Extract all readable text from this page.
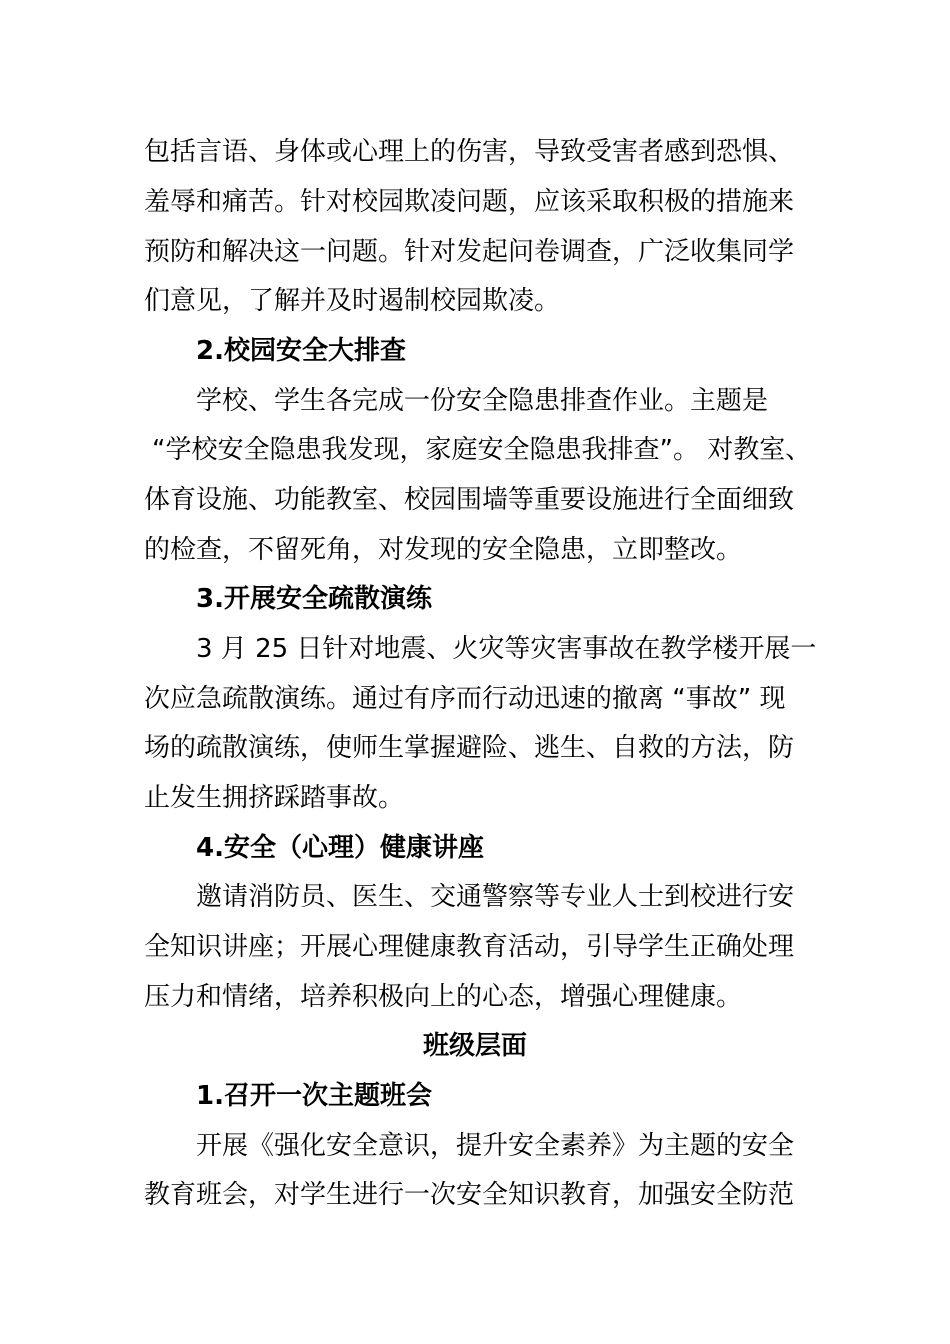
包括言语、身体或心理上的伤害，导致受害者感到恐惧、
羞辱和痛苦。针对校园欺凌问题，应该采取积极的措施来
预防和解决这一问题。针对发起问卷调查，广泛收集同学
们意见，了解并及时遏制校园欺凌。
2.校园安全大排查
学校、学生各完成一份安全隐患排查作业。主题是
“学校安全隐患我发现，家庭安全隐患我排查”。 对教室、
体育设施、功能教室、校园围墙等重要设施进行全面细致
的检查，不留死角，对发现的安全隐患，立即整改。
3.开展安全疏散演练
3 月 25 日针对地震、火灾等灾害事故在教学楼开展一
次应急疏散演练。通过有序而行动迅速的撤离 “事故” 现
场的疏散演练，使师生掌握避险、逃生、自救的方法，防
止发生拥挤踩踏事故。
4.安全（心理）健康讲座
邀请消防员、医生、交通警察等专业人士到校进行安
全知识讲座；开展心理健康教育活动，引导学生正确处理
压力和情绪，培养积极向上的心态，增强心理健康。
班级层面
1.召开一次主题班会
开展《强化安全意识，提升安全素养》为主题的安全
教育班会，对学生进行一次安全知识教育，加强安全防范
